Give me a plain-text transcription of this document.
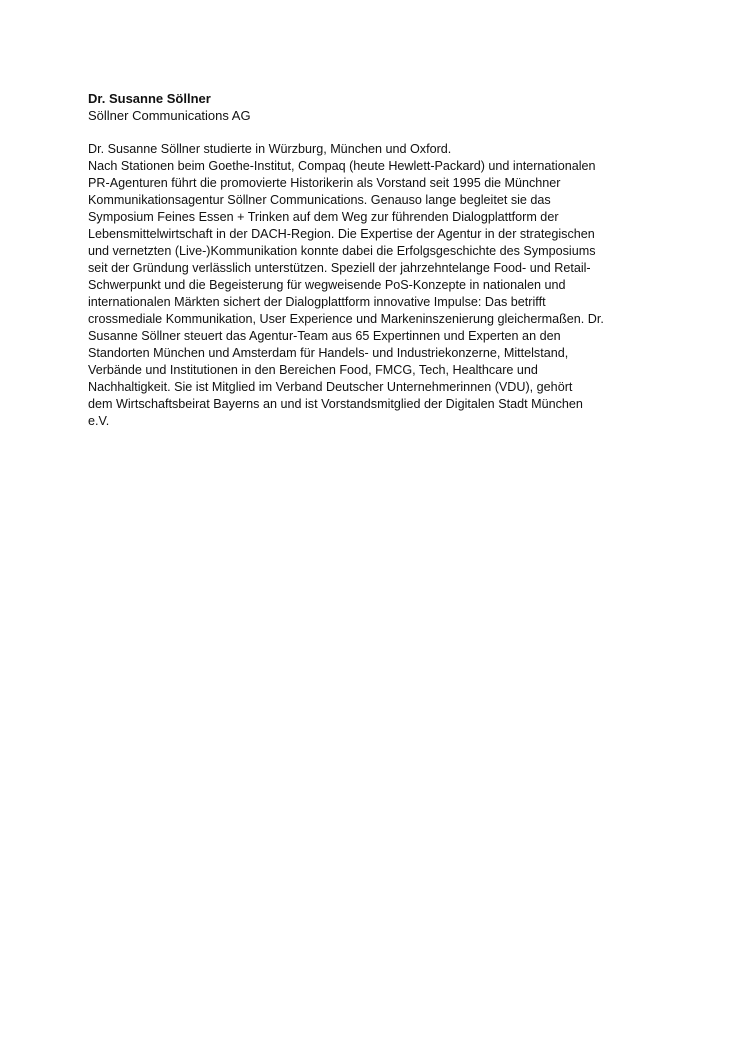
Dr. Susanne Söllner

Söllner Communications AG

Dr. Susanne Söllner studierte in Würzburg, München und Oxford.

Nach Stationen beim Goethe-Institut, Compaq (heute Hewlett-Packard) und internationalen

PR-Agenturen führt die promovierte Historikerin als Vorstand seit 1995 die Münchner

Kommunikationsagentur Söllner Communications. Genauso lange begleitet sie das

Symposium Feines Essen + Trinken auf dem Weg zur führenden Dialogplattform der

Lebensmittelwirtschaft in der DACH-Region. Die Expertise der Agentur in der strategischen

und vernetzten (Live-)Kommunikation konnte dabei die Erfolgsgeschichte des Symposiums

seit der Gründung verlässlich unterstützen. Speziell der jahrzehntelange Food- und Retail-

Schwerpunkt und die Begeisterung für wegweisende PoS-Konzepte in nationalen und

internationalen Märkten sichert der Dialogplattform innovative Impulse: Das betrifft

crossmediale Kommunikation, User Experience und Markeninszenierung gleichermaßen. Dr.

Susanne Söllner steuert das Agentur-Team aus 65 Expertinnen und Experten an den

Standorten München und Amsterdam für Handels- und Industriekonzerne, Mittelstand,

Verbände und Institutionen in den Bereichen Food, FMCG, Tech, Healthcare und

Nachhaltigkeit. Sie ist Mitglied im Verband Deutscher Unternehmerinnen (VDU), gehört

dem Wirtschaftsbeirat Bayerns an und ist Vorstandsmitglied der Digitalen Stadt München

e.V.
